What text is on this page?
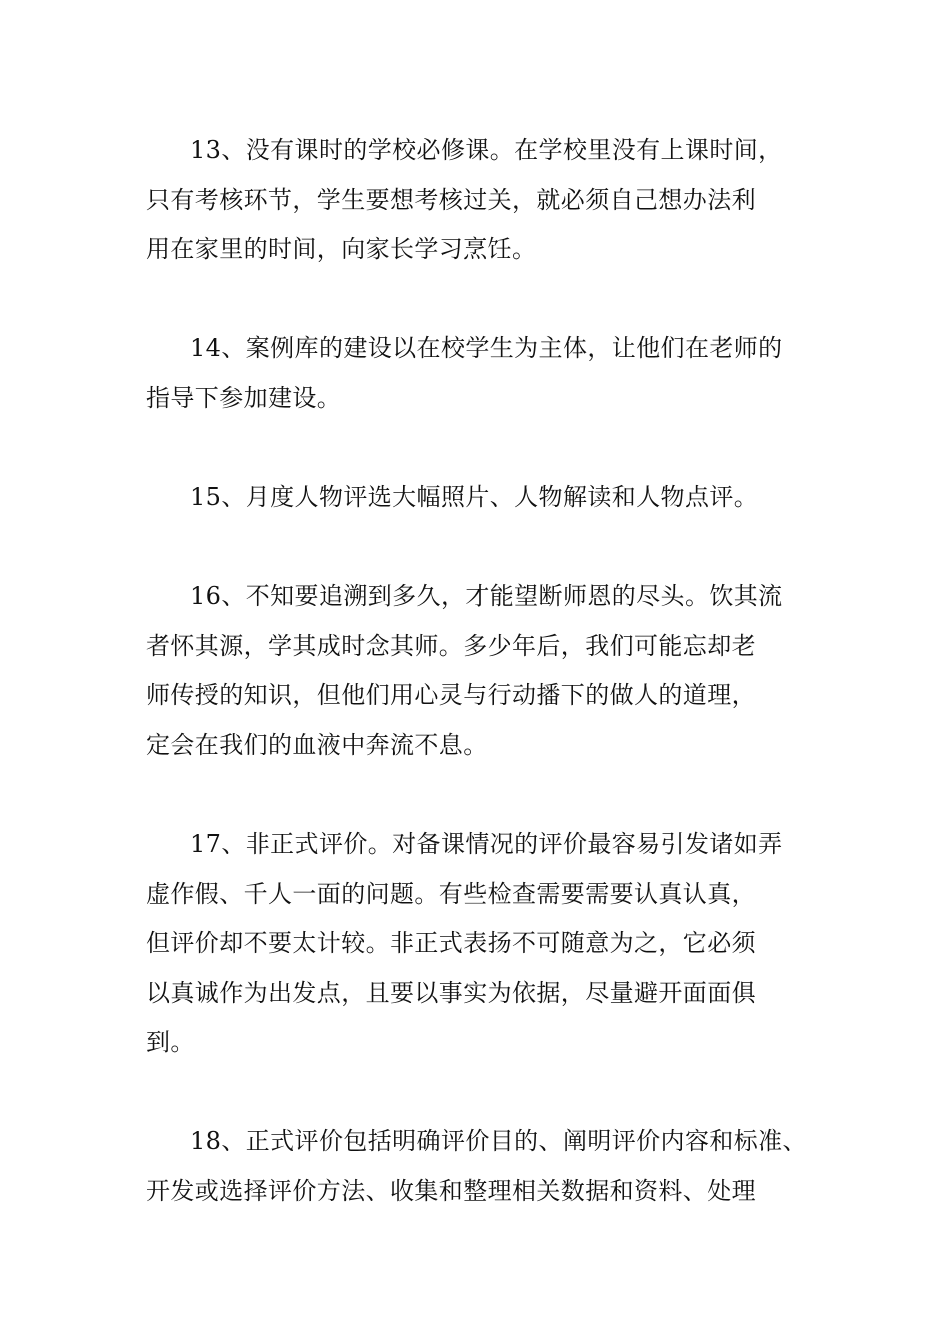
13、没有课时的学校必修课。在学校里没有上课时间，
只有考核环节，学生要想考核过关，就必须自己想办法利
用在家里的时间，向家长学习烹饪。

14、案例库的建设以在校学生为主体，让他们在老师的
指导下参加建设。

15、月度人物评选大幅照片、人物解读和人物点评。

16、不知要追溯到多久，才能望断师恩的尽头。饮其流
者怀其源，学其成时念其师。多少年后，我们可能忘却老
师传授的知识，但他们用心灵与行动播下的做人的道理，
定会在我们的血液中奔流不息。

17、非正式评价。对备课情况的评价最容易引发诸如弄
虚作假、千人一面的问题。有些检查需要需要认真认真，
但评价却不要太计较。非正式表扬不可随意为之，它必须
以真诚作为出发点，且要以事实为依据，尽量避开面面俱
到。

18、正式评价包括明确评价目的、阐明评价内容和标准、
开发或选择评价方法、收集和整理相关数据和资料、处理
